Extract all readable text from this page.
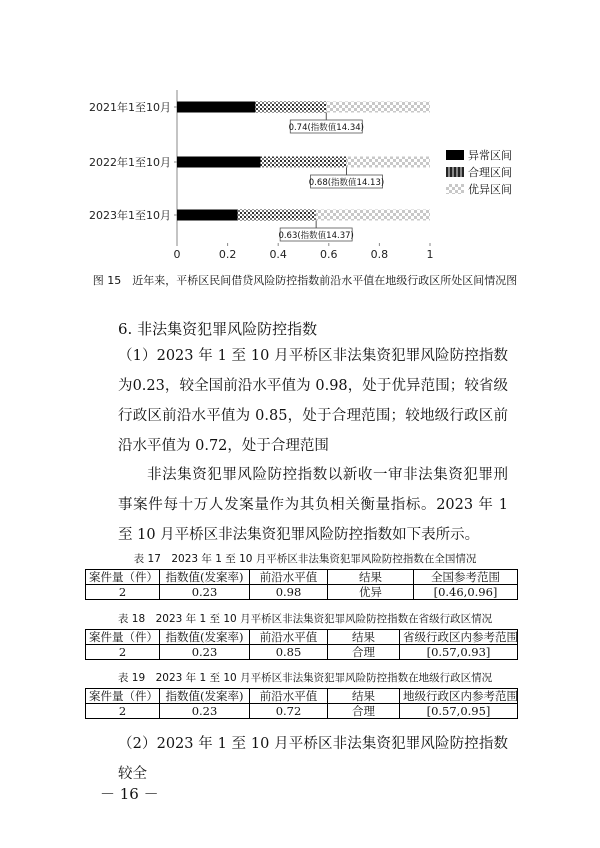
0	0.2	0.4	0.6	0.8	1
2021年1至10月
0.74(指数值14.34)
2022年1至10月
0.68(指数值14.13)
2023年1至10月
0.63(指数值14.37)
异常区间
合理区间
优异区间
图 15　近年来，平桥区民间借贷风险防控指数前沿水平值在地级行政区所处区间情况图
6. 非法集资犯罪风险防控指数
（1）2023 年 1 至 10 月平桥区非法集资犯罪风险防控指数为0.23，较全国前沿水平值为 0.98，处于优异范围；较省级行政区前沿水平值为 0.85，处于合理范围；较地级行政区前沿水平值为 0.72，处于合理范围
非法集资犯罪风险防控指数以新收一审非法集资犯罪刑事案件每十万人发案量作为其负相关衡量指标。2023 年 1 至 10 月平桥区非法集资犯罪风险防控指数如下表所示。
表 17　2023 年 1 至 10 月平桥区非法集资犯罪风险防控指数在全国情况
案件量（件）	指数值(发案率)	前沿水平值	结果	全国参考范围
2	0.23	0.98	优异	[0.46,0.96]
表 18　2023 年 1 至 10 月平桥区非法集资犯罪风险防控指数在省级行政区情况
案件量（件）	指数值(发案率)	前沿水平值	结果	省级行政区内参考范围
2	0.23	0.85	合理	[0.57,0.93]
表 19　2023 年 1 至 10 月平桥区非法集资犯罪风险防控指数在地级行政区情况
案件量（件）	指数值(发案率)	前沿水平值	结果	地级行政区内参考范围
2	0.23	0.72	合理	[0.57,0.95]
（2）2023 年 1 至 10 月平桥区非法集资犯罪风险防控指数较全
－ 16 －
